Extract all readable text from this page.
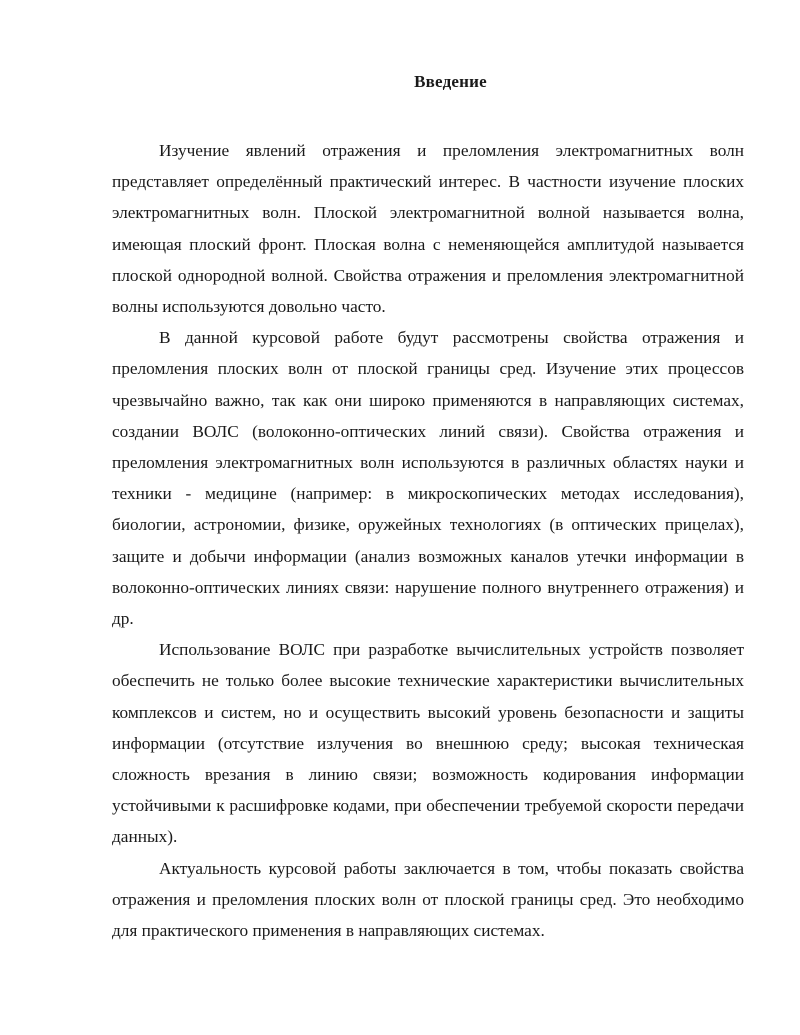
Введение

Изучение явлений отражения и преломления электромагнитных волн представляет определённый практический интерес. В частности изучение плоских электромагнитных волн. Плоской электромагнитной волной называется волна, имеющая плоский фронт. Плоская волна с неменяющейся амплитудой называется плоской однородной волной. Свойства отражения и преломления электромагнитной волны используются довольно часто.

В данной курсовой работе будут рассмотрены свойства отражения и преломления плоских волн от плоской границы сред. Изучение этих процессов чрезвычайно важно, так как они широко применяются в направляющих системах, создании ВОЛС (волоконно-оптических линий связи). Свойства отражения и преломления электромагнитных волн используются в различных областях науки и техники - медицине (например: в микроскопических методах исследования), биологии, астрономии, физике, оружейных технологиях (в оптических прицелах), защите и добычи информации (анализ возможных каналов утечки информации в волоконно-оптических линиях связи: нарушение полного внутреннего отражения) и др.

Использование ВОЛС при разработке вычислительных устройств позволяет обеспечить не только более высокие технические характеристики вычислительных комплексов и систем, но и осуществить высокий уровень безопасности и защиты информации (отсутствие излучения во внешнюю среду; высокая техническая сложность врезания в линию связи; возможность кодирования информации устойчивыми к расшифровке кодами, при обеспечении требуемой скорости передачи данных).

Актуальность курсовой работы заключается в том, чтобы показать свойства отражения и преломления плоских волн от плоской границы сред. Это необходимо для практического применения в направляющих системах.
